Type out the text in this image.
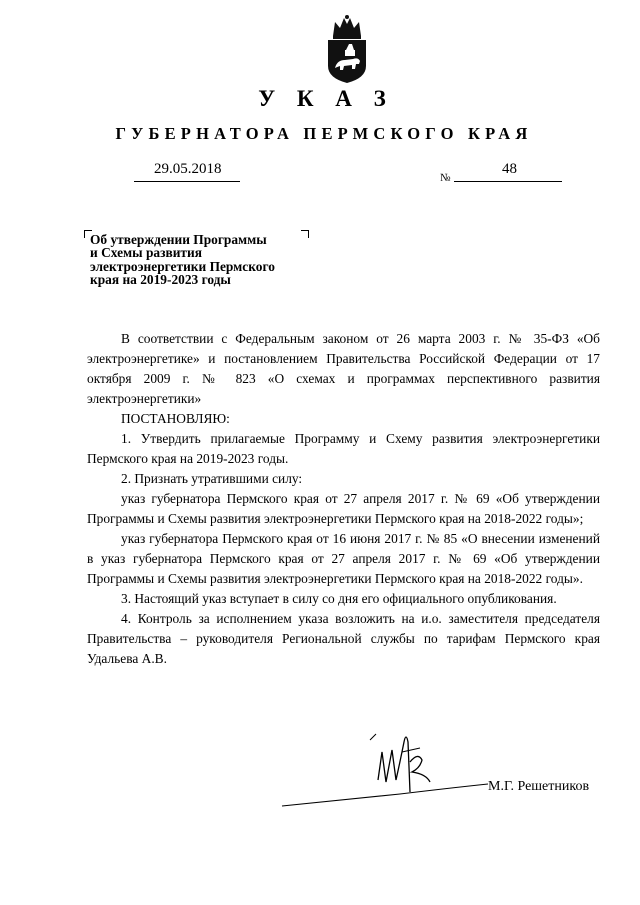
У К А З
ГУБЕРНАТОРА ПЕРМСКОГО КРАЯ
29.05.2018
№
48
Об утверждении Программы
и Схемы развития
электроэнергетики Пермского
края на 2019-2023 годы

В соответствии с Федеральным законом от 26 марта 2003 г. № 35-ФЗ «Об электроэнергетике» и постановлением Правительства Российской Федерации от 17 октября 2009 г. № 823 «О схемах и программах перспективного развития электроэнергетики»

ПОСТАНОВЛЯЮ:

1. Утвердить прилагаемые Программу и Схему развития электроэнергетики Пермского края на 2019-2023 годы.

2. Признать утратившими силу:

указ губернатора Пермского края от 27 апреля 2017 г. № 69 «Об утверждении Программы и Схемы развития электроэнергетики Пермского края на 2018-2022 годы»;

указ губернатора Пермского края от 16 июня 2017 г. № 85 «О внесении изменений в указ губернатора Пермского края от 27 апреля 2017 г. № 69 «Об утверждении Программы и Схемы развития электроэнергетики Пермского края на 2018-2022 годы».

3. Настоящий указ вступает в силу со дня его официального опубликования.

4. Контроль за исполнением указа возложить на и.о. заместителя председателя Правительства – руководителя Региональной службы по тарифам Пермского края Удальева А.В.

М.Г. Решетников
